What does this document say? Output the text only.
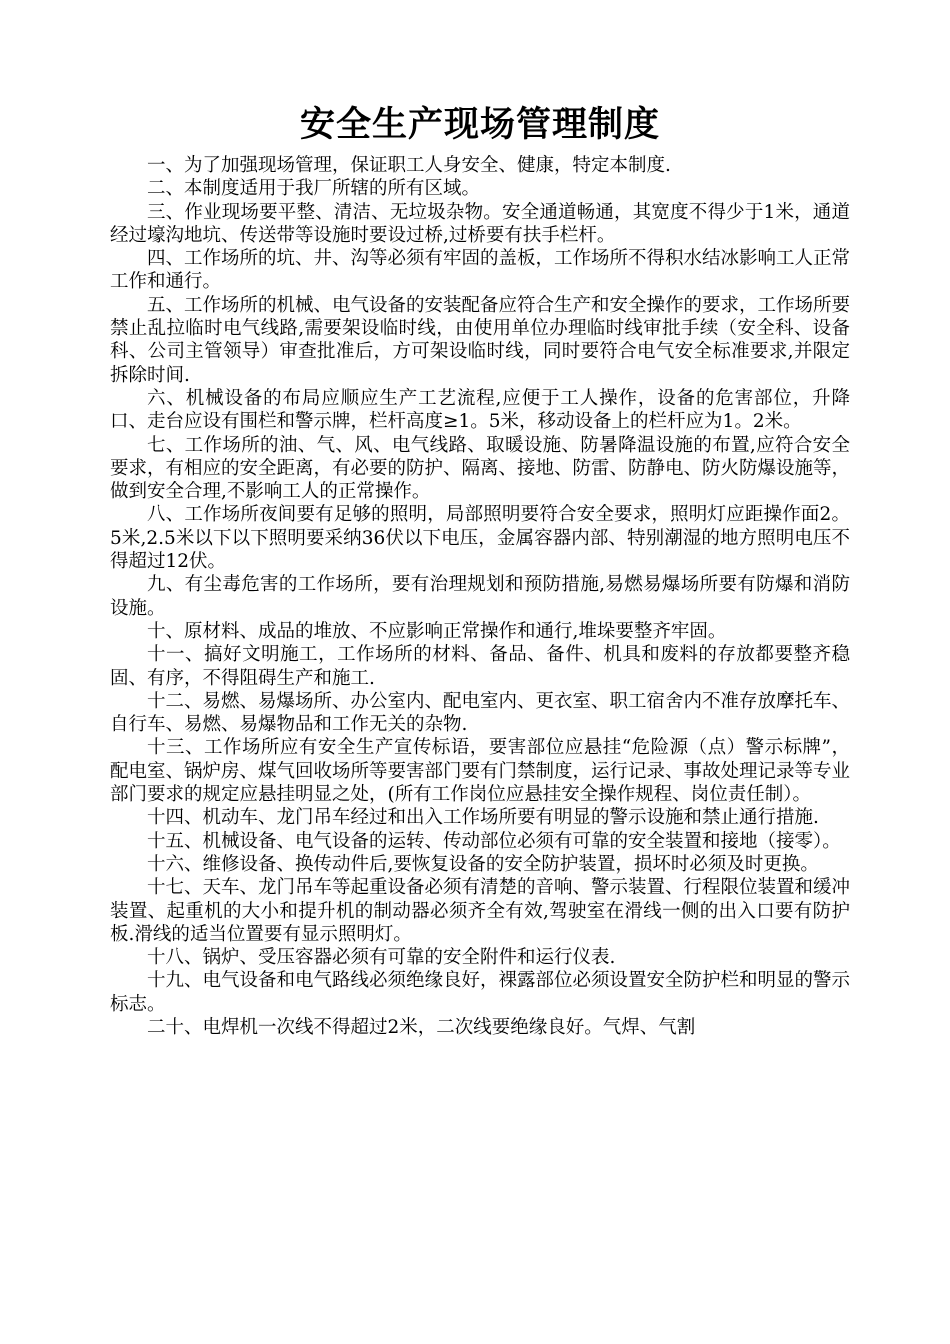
安全生产现场管理制度

一、为了加强现场管理，保证职工人身安全、健康，特定本制度.

二、本制度适用于我厂所辖的所有区域。

三、作业现场要平整、清洁、无垃圾杂物。安全通道畅通，其宽度不得少于1米，通道经过壕沟地坑、传送带等设施时要设过桥,过桥要有扶手栏杆。

四、工作场所的坑、井、沟等必须有牢固的盖板，工作场所不得积水结冰影响工人正常工作和通行。

五、工作场所的机械、电气设备的安装配备应符合生产和安全操作的要求，工作场所要禁止乱拉临时电气线路,需要架设临时线，由使用单位办理临时线审批手续（安全科、设备科、公司主管领导）审查批准后，方可架设临时线，同时要符合电气安全标准要求,并限定拆除时间.

六、机械设备的布局应顺应生产工艺流程,应便于工人操作，设备的危害部位，升降口、走台应设有围栏和警示牌，栏杆高度≥1。5米，移动设备上的栏杆应为1。2米。

七、工作场所的油、气、风、电气线路、取暖设施、防暑降温设施的布置,应符合安全要求，有相应的安全距离，有必要的防护、隔离、接地、防雷、防静电、防火防爆设施等，做到安全合理,不影响工人的正常操作。

八、工作场所夜间要有足够的照明，局部照明要符合安全要求，照明灯应距操作面2。5米,2.5米以下以下照明要采纳36伏以下电压，金属容器内部、特别潮湿的地方照明电压不得超过12伏。

九、有尘毒危害的工作场所，要有治理规划和预防措施,易燃易爆场所要有防爆和消防设施。

十、原材料、成品的堆放、不应影响正常操作和通行,堆垛要整齐牢固。

十一、搞好文明施工，工作场所的材料、备品、备件、机具和废料的存放都要整齐稳固、有序，不得阻碍生产和施工.

十二、易燃、易爆场所、办公室内、配电室内、更衣室、职工宿舍内不准存放摩托车、自行车、易燃、易爆物品和工作无关的杂物.

十三、工作场所应有安全生产宣传标语，要害部位应悬挂“危险源（点）警示标牌”，配电室、锅炉房、煤气回收场所等要害部门要有门禁制度，运行记录、事故处理记录等专业部门要求的规定应悬挂明显之处，(所有工作岗位应悬挂安全操作规程、岗位责任制）。

十四、机动车、龙门吊车经过和出入工作场所要有明显的警示设施和禁止通行措施.

十五、机械设备、电气设备的运转、传动部位必须有可靠的安全装置和接地（接零）。

十六、维修设备、换传动件后,要恢复设备的安全防护装置，损坏时必须及时更换。

十七、天车、龙门吊车等起重设备必须有清楚的音响、警示装置、行程限位装置和缓冲装置、起重机的大小和提升机的制动器必须齐全有效,驾驶室在滑线一侧的出入口要有防护板.滑线的适当位置要有显示照明灯。

十八、锅炉、受压容器必须有可靠的安全附件和运行仪表.

十九、电气设备和电气路线必须绝缘良好，裸露部位必须设置安全防护栏和明显的警示标志。

二十、电焊机一次线不得超过2米，二次线要绝缘良好。气焊、气割
